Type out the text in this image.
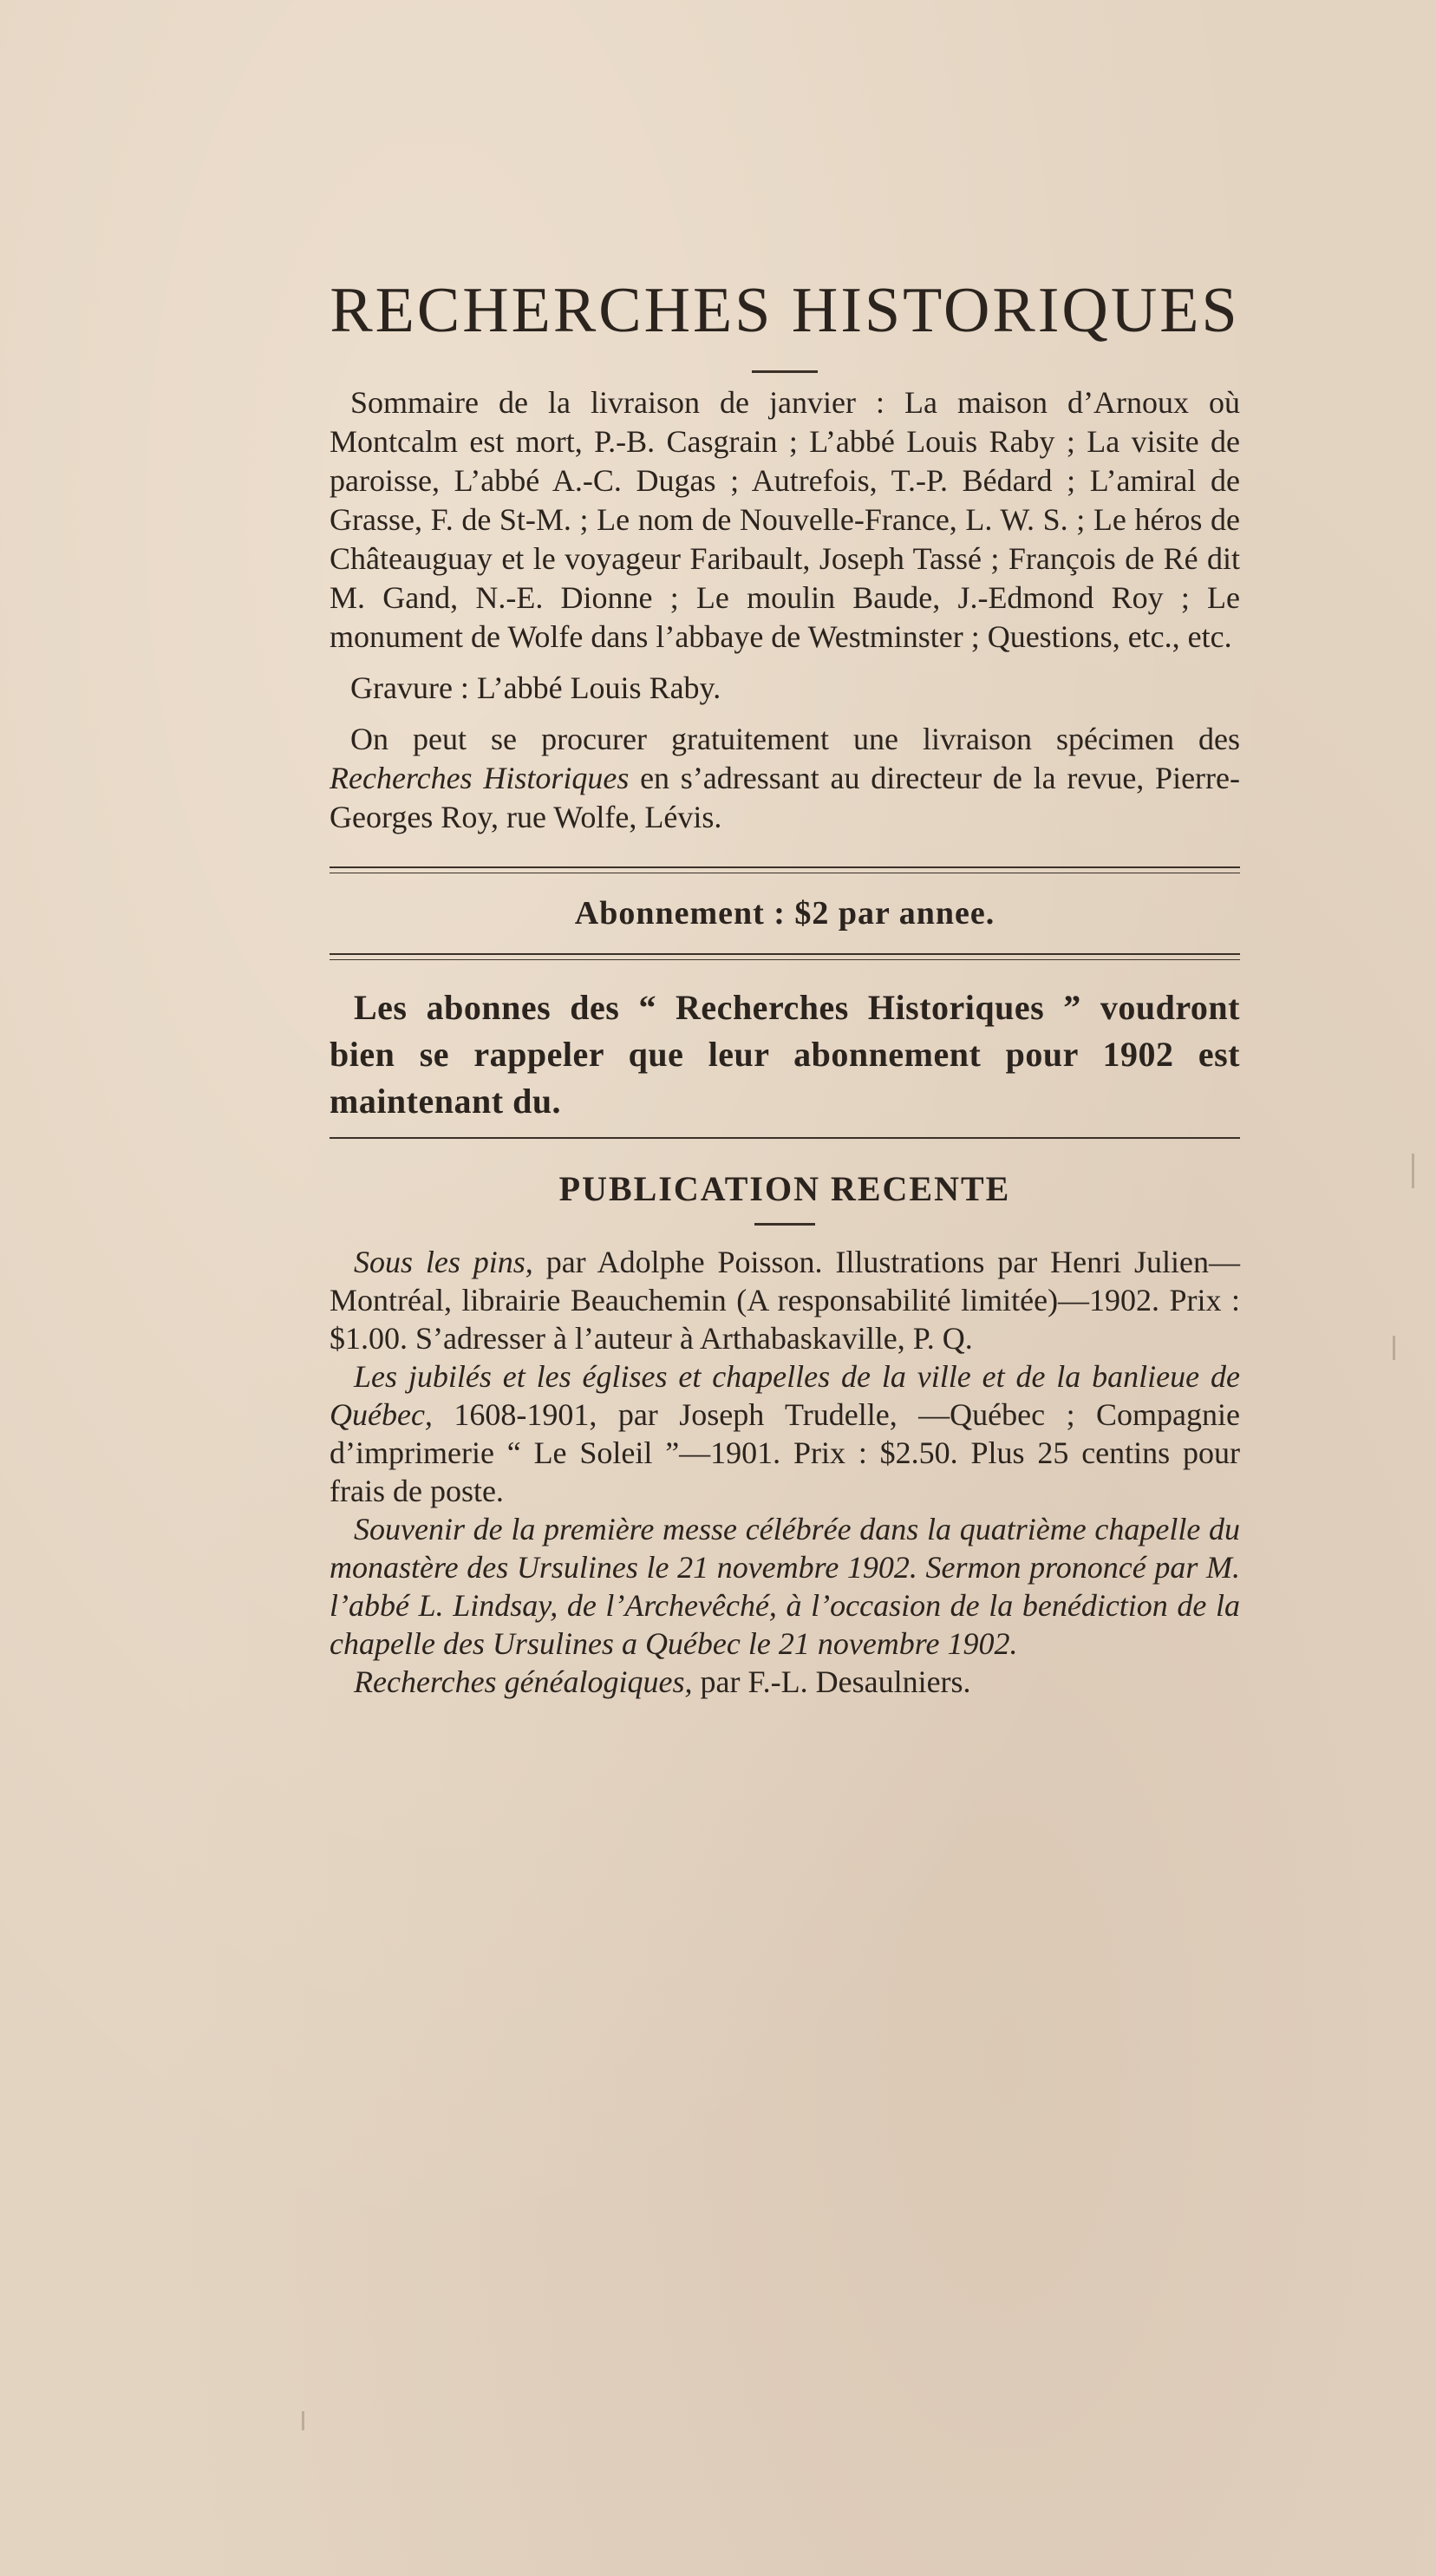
RECHERCHES HISTORIQUES

Sommaire de la livraison de janvier : La maison d’Arnoux où Montcalm est mort, P.-B. Casgrain ; L’abbé Louis Raby ; La visite de paroisse, L’abbé A.-C. Dugas ; Autrefois, T.-P. Bédard ; L’amiral de Grasse, F. de St-M. ; Le nom de Nouvelle-France, L. W. S. ; Le héros de Châteauguay et le voyageur Faribault, Joseph Tassé ; François de Ré dit M. Gand, N.-E. Dionne ; Le moulin Baude, J.-Edmond Roy ; Le monument de Wolfe dans l’abbaye de Westminster ; Questions, etc., etc.

Gravure : L’abbé Louis Raby.

On peut se procurer gratuitement une livraison spécimen des Recherches Historiques en s’adressant au directeur de la revue, Pierre-Georges Roy, rue Wolfe, Lévis.

Abonnement : $2 par annee.

Les abonnes des “ Recherches Historiques ” voudront bien se rappeler que leur abonnement pour 1902 est maintenant du.

PUBLICATION RECENTE

Sous les pins, par Adolphe Poisson. Illustrations par Henri Julien—Montréal, librairie Beauchemin (A responsabilité limitée)—1902. Prix : $1.00. S’adresser à l’auteur à Arthabaskaville, P. Q.

Les jubilés et les églises et chapelles de la ville et de la banlieue de Québec, 1608-1901, par Joseph Trudelle, —Québec ; Compagnie d’imprimerie “ Le Soleil ”—1901. Prix : $2.50. Plus 25 centins pour frais de poste.

Souvenir de la première messe célébrée dans la quatrième chapelle du monastère des Ursulines le 21 novembre 1902. Sermon prononcé par M. l’abbé L. Lindsay, de l’Archevêché, à l’occasion de la benédiction de la chapelle des Ursulines a Québec le 21 novembre 1902.

Recherches généalogiques, par F.-L. Desaulniers.
